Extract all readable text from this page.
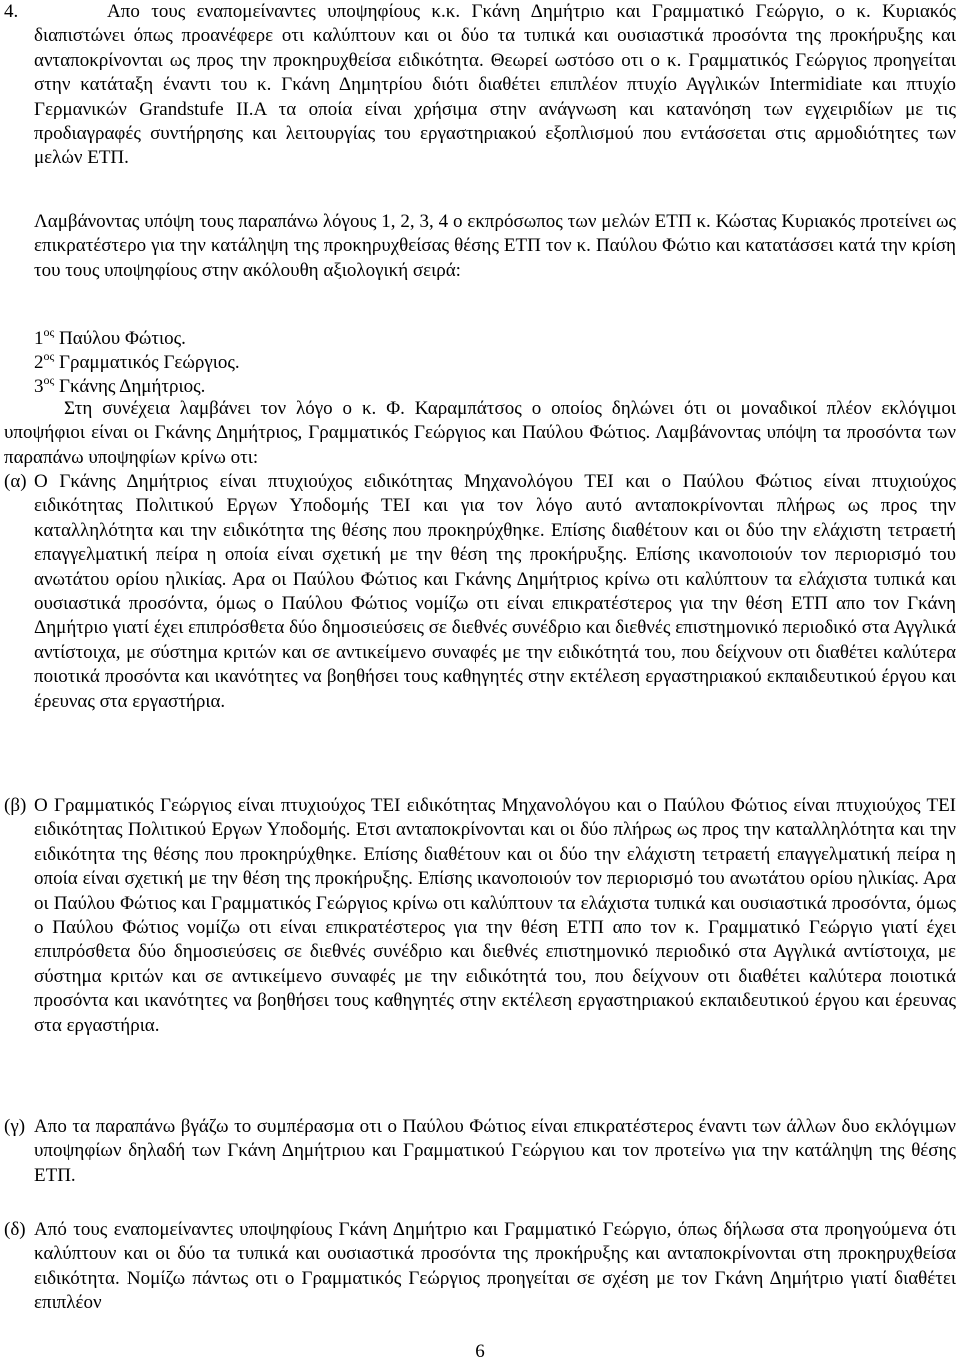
4.	Απο τους εναπομείναντες υποψηφίους κ.κ. Γκάνη Δημήτριο και Γραμματικό Γεώργιο, ο κ. Κυριακός διαπιστώνει όπως προανέφερε οτι καλύπτουν και οι δύο τα τυπικά και ουσιαστικά προσόντα της προκήρυξης και ανταποκρίνονται ως προς την προκηρυχθείσα ειδικότητα. Θεωρεί ωστόσο οτι ο κ. Γραμματικός Γεώργιος προηγείται στην κατάταξη έναντι του κ. Γκάνη Δημητρίου διότι διαθέτει επιπλέον πτυχίο Αγγλικών Intermidiate και πτυχίο Γερμανικών Grandstufe II.Α τα οποία είναι χρήσιμα στην ανάγνωση και κατανόηση των εγχειριδίων με τις προδιαγραφές συντήρησης και λειτουργίας του εργαστηριακού εξοπλισμού που εντάσσεται στις αρμοδιότητες των μελών ΕΤΠ.
Λαμβάνοντας υπόψη τους παραπάνω λόγους 1, 2, 3, 4 ο εκπρόσωπος των μελών ΕΤΠ κ. Κώστας Κυριακός προτείνει ως επικρατέστερο για την κατάληψη της προκηρυχθείσας θέσης ΕΤΠ τον κ. Παύλου Φώτιο και κατατάσσει κατά την κρίση του τους υποψηφίους στην ακόλουθη αξιολογική σειρά:
$1^{o\varsigma}$ Παύλου Φώτιος.
$2^{o\varsigma}$ Γραμματικός Γεώργιος.
$3^{o\varsigma}$ Γκάνης Δημήτριος.
Στη συνέχεια λαμβάνει τον λόγο ο κ. Φ. Καραμπάτσος ο οποίος δηλώνει ότι οι μοναδικοί πλέον εκλόγιμοι υποψήφιοι είναι οι Γκάνης Δημήτριος, Γραμματικός Γεώργιος και Παύλου Φώτιος. Λαμβάνοντας υπόψη τα προσόντα των παραπάνω υποψηφίων κρίνω οτι:
(α) Ο Γκάνης Δημήτριος είναι πτυχιούχος ειδικότητας Μηχανολόγου ΤΕΙ και ο Παύλου Φώτιος είναι πτυχιούχος ειδικότητας Πολιτικού Εργων Υποδομής ΤΕΙ και για τον λόγο αυτό ανταποκρίνονται πλήρως ως προς την καταλληλότητα και την ειδικότητα της θέσης που προκηρύχθηκε. Επίσης διαθέτουν και οι δύο την ελάχιστη τετραετή επαγγελματική πείρα η οποία είναι σχετική με την θέση της προκήρυξης. Επίσης ικανοποιούν τον περιορισμό του ανωτάτου ορίου ηλικίας. Αρα οι Παύλου Φώτιος και Γκάνης Δημήτριος κρίνω οτι καλύπτουν τα ελάχιστα τυπικά και ουσιαστικά προσόντα, όμως ο Παύλου Φώτιος νομίζω οτι είναι επικρατέστερος για την θέση ΕΤΠ απο τον Γκάνη Δημήτριο γιατί έχει επιπρόσθετα δύο δημοσιεύσεις σε διεθνές συνέδριο και διεθνές επιστημονικό περιοδικό στα Αγγλικά αντίστοιχα, με σύστημα κριτών και σε αντικείμενο συναφές με την ειδικότητά του, που δείχνουν οτι διαθέτει καλύτερα ποιοτικά προσόντα και ικανότητες να βοηθήσει τους καθηγητές στην εκτέλεση εργαστηριακού εκπαιδευτικού έργου και έρευνας στα εργαστήρια.
(β) Ο Γραμματικός Γεώργιος είναι πτυχιούχος ΤΕΙ ειδικότητας Μηχανολόγου και ο Παύλου Φώτιος είναι πτυχιούχος ΤΕΙ ειδικότητας Πολιτικού Εργων Υποδομής. Ετσι ανταποκρίνονται και οι δύο πλήρως ως προς την καταλληλότητα και την ειδικότητα της θέσης που προκηρύχθηκε. Επίσης διαθέτουν και οι δύο την ελάχιστη τετραετή επαγγελματική πείρα η οποία είναι σχετική με την θέση της προκήρυξης. Επίσης ικανοποιούν τον περιορισμό του ανωτάτου ορίου ηλικίας. Αρα οι Παύλου Φώτιος και Γραμματικός Γεώργιος κρίνω οτι καλύπτουν τα ελάχιστα τυπικά και ουσιαστικά προσόντα, όμως ο Παύλου Φώτιος νομίζω οτι είναι επικρατέστερος για την θέση ΕΤΠ απο τον κ. Γραμματικό Γεώργιο γιατί έχει επιπρόσθετα δύο δημοσιεύσεις σε διεθνές συνέδριο και διεθνές επιστημονικό περιοδικό στα Αγγλικά αντίστοιχα, με σύστημα κριτών και σε αντικείμενο συναφές με την ειδικότητά του, που δείχνουν οτι διαθέτει καλύτερα ποιοτικά προσόντα και ικανότητες να βοηθήσει τους καθηγητές στην εκτέλεση εργαστηριακού εκπαιδευτικού έργου και έρευνας στα εργαστήρια.
(γ) Απο τα παραπάνω βγάζω το συμπέρασμα οτι ο Παύλου Φώτιος είναι επικρατέστερος έναντι των άλλων δυο εκλόγιμων υποψηφίων δηλαδή των Γκάνη Δημήτριου και Γραμματικού Γεώργιου και τον προτείνω για την κατάληψη της θέσης ΕΤΠ.
(δ) Από τους εναπομείναντες υποψηφίους Γκάνη Δημήτριο και Γραμματικό Γεώργιο, όπως δήλωσα στα προηγούμενα ότι καλύπτουν και οι δύο τα τυπικά και ουσιαστικά προσόντα της προκήρυξης και ανταποκρίνονται στη προκηρυχθείσα ειδικότητα. Νομίζω πάντως οτι ο Γραμματικός Γεώργιος προηγείται σε σχέση με τον Γκάνη Δημήτριο γιατί διαθέτει επιπλέον
6
